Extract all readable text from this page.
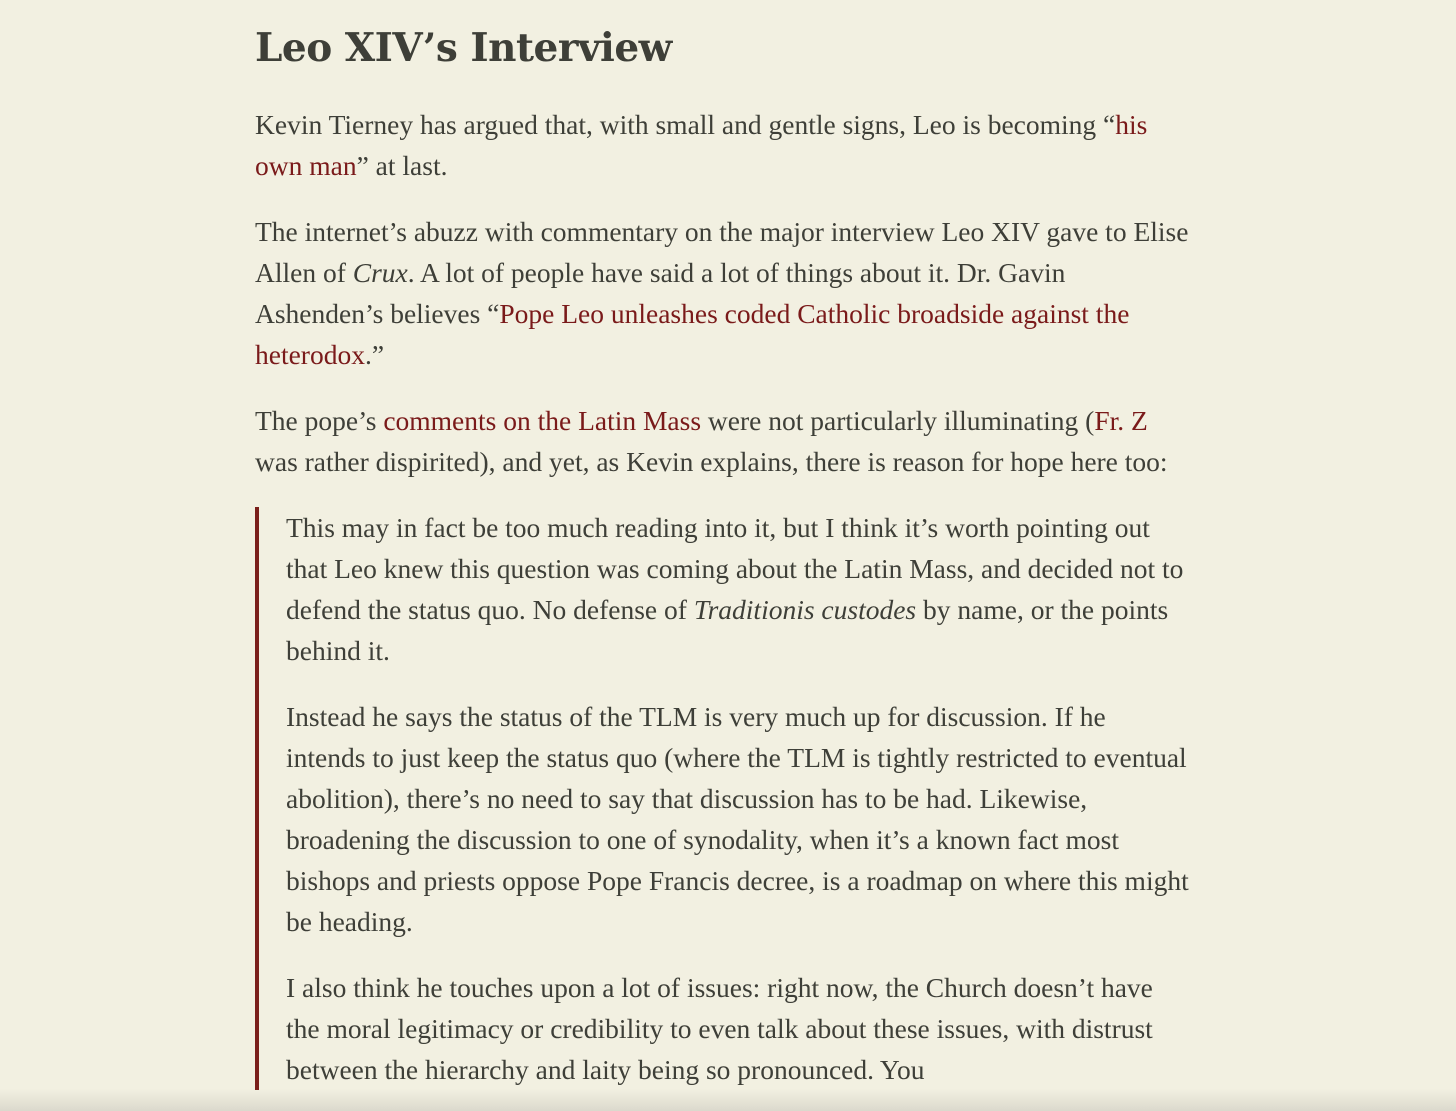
Leo XIV’s Interview

Kevin Tierney has argued that, with small and gentle signs, Leo is becoming “his own man” at last.

The internet’s abuzz with commentary on the major interview Leo XIV gave to Elise Allen of Crux. A lot of people have said a lot of things about it. Dr. Gavin Ashenden’s believes “Pope Leo unleashes coded Catholic broadside against the heterodox.”

The pope’s comments on the Latin Mass were not particularly illuminating (Fr. Z was rather dispirited), and yet, as Kevin explains, there is reason for hope here too:

This may in fact be too much reading into it, but I think it’s worth pointing out that Leo knew this question was coming about the Latin Mass, and decided not to defend the status quo. No defense of Traditionis custodes by name, or the points behind it.

Instead he says the status of the TLM is very much up for discussion. If he intends to just keep the status quo (where the TLM is tightly restricted to eventual abolition), there’s no need to say that discussion has to be had. Likewise, broadening the discussion to one of synodality, when it’s a known fact most bishops and priests oppose Pope Francis decree, is a roadmap on where this might be heading.

I also think he touches upon a lot of issues: right now, the Church doesn’t have the moral legitimacy or credibility to even talk about these issues, with distrust between the hierarchy and laity being so pronounced. You
